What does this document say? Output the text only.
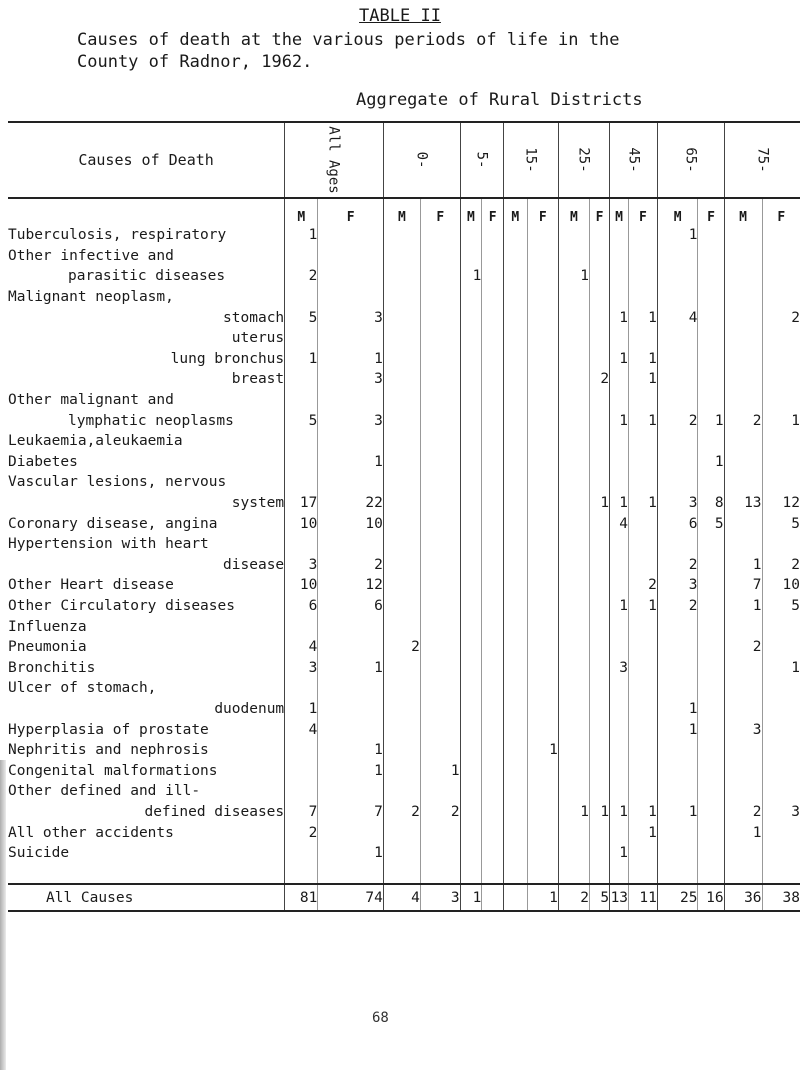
TABLE II
Causes of death at the various periods of life in the
County of Radnor, 1962.
Aggregate of Rural Districts
Causes of Death	All Ages		0-		5-		15-		25-		45-		65-		75-	
	M	F	M	F	M	F	M	F	M	F	M	F	M	F	M	F
Tuberculosis, respiratory	1												1			
Other infective and																
parasitic diseases	2				1				1							
Malignant neoplasm,																
stomach	5	3									1	1	4			2
uterus																
lung bronchus	1	1									1	1				
breast		3								2		1				
Other malignant and																
lymphatic neoplasms	5	3									1	1	2	1	2	1
Leukaemia,aleukaemia																
Diabetes		1												1		
Vascular lesions, nervous																
system	17	22								1	1	1	3	8	13	12
Coronary disease, angina	10	10									4		6	5		5
Hypertension with heart																
disease	3	2											2		1	2
Other Heart disease	10	12										2	3		7	10
Other Circulatory diseases	6	6									1	1	2		1	5
Influenza																
Pneumonia	4		2												2	
Bronchitis	3	1									3					1
Ulcer of stomach,																
duodenum	1												1			
Hyperplasia of prostate	4												1		3	
Nephritis and nephrosis		1						1								
Congenital malformations		1		1												
Other defined and ill-																
defined diseases	7	7	2	2					1	1	1	1	1		2	3
All other accidents	2											1			1	
Suicide		1									1					

All Causes	81	74	4	3	1			1	2	5	13	11	25	16	36	38
68
